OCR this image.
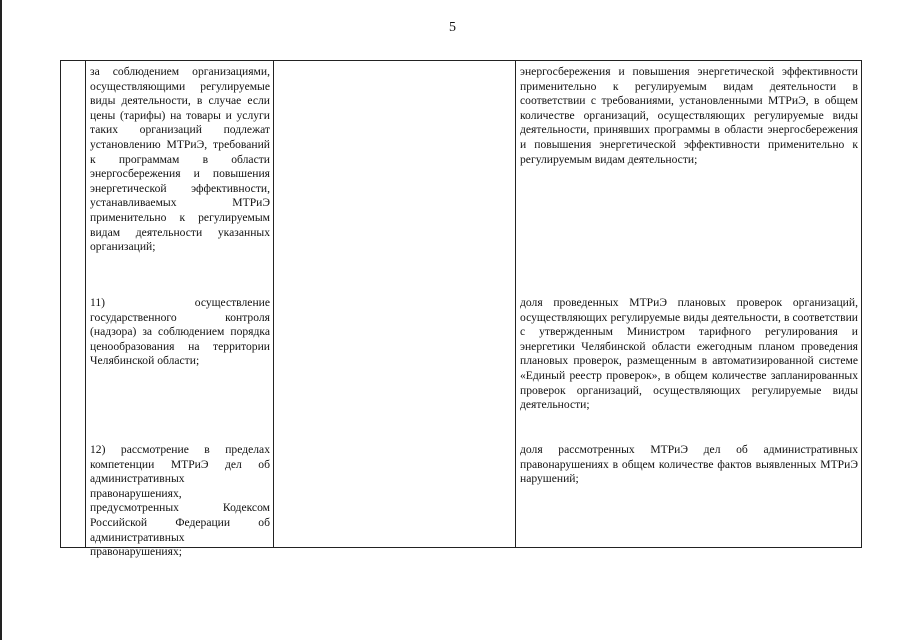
5

за соблюдением организациями, осуществляющими регулируемые виды деятельности, в случае если цены (тарифы) на товары и услуги таких организаций подлежат установлению МТРиЭ, требований к программам в области энергосбережения и повышения энергетической эффективности, устанавливаемых МТРиЭ применительно к регулируемым видам деятельности указанных организаций;

энергосбережения и повышения энергетической эффективности применительно к регулируемым видам деятельности в соответствии с требованиями, установленными МТРиЭ, в общем количестве организаций, осуществляющих регулируемые виды деятельности, принявших программы в области энергосбережения и повышения энергетической эффективности применительно к регулируемым видам деятельности;

11) осуществление государственного контроля (надзора) за соблюдением порядка ценообразования на территории Челябинской области;

доля проведенных МТРиЭ плановых проверок организаций, осуществляющих регулируемые виды деятельности, в соответствии с утвержденным Министром тарифного регулирования и энергетики Челябинской области ежегодным планом проведения плановых проверок, размещенным в автоматизированной системе «Единый реестр проверок», в общем количестве запланированных проверок организаций, осуществляющих регулируемые виды деятельности;

12) рассмотрение в пределах компетенции МТРиЭ дел об административных правонарушениях, предусмотренных Кодексом Российской Федерации об административных правонарушениях;

доля рассмотренных МТРиЭ дел об административных правонарушениях в общем количестве фактов выявленных МТРиЭ нарушений;
